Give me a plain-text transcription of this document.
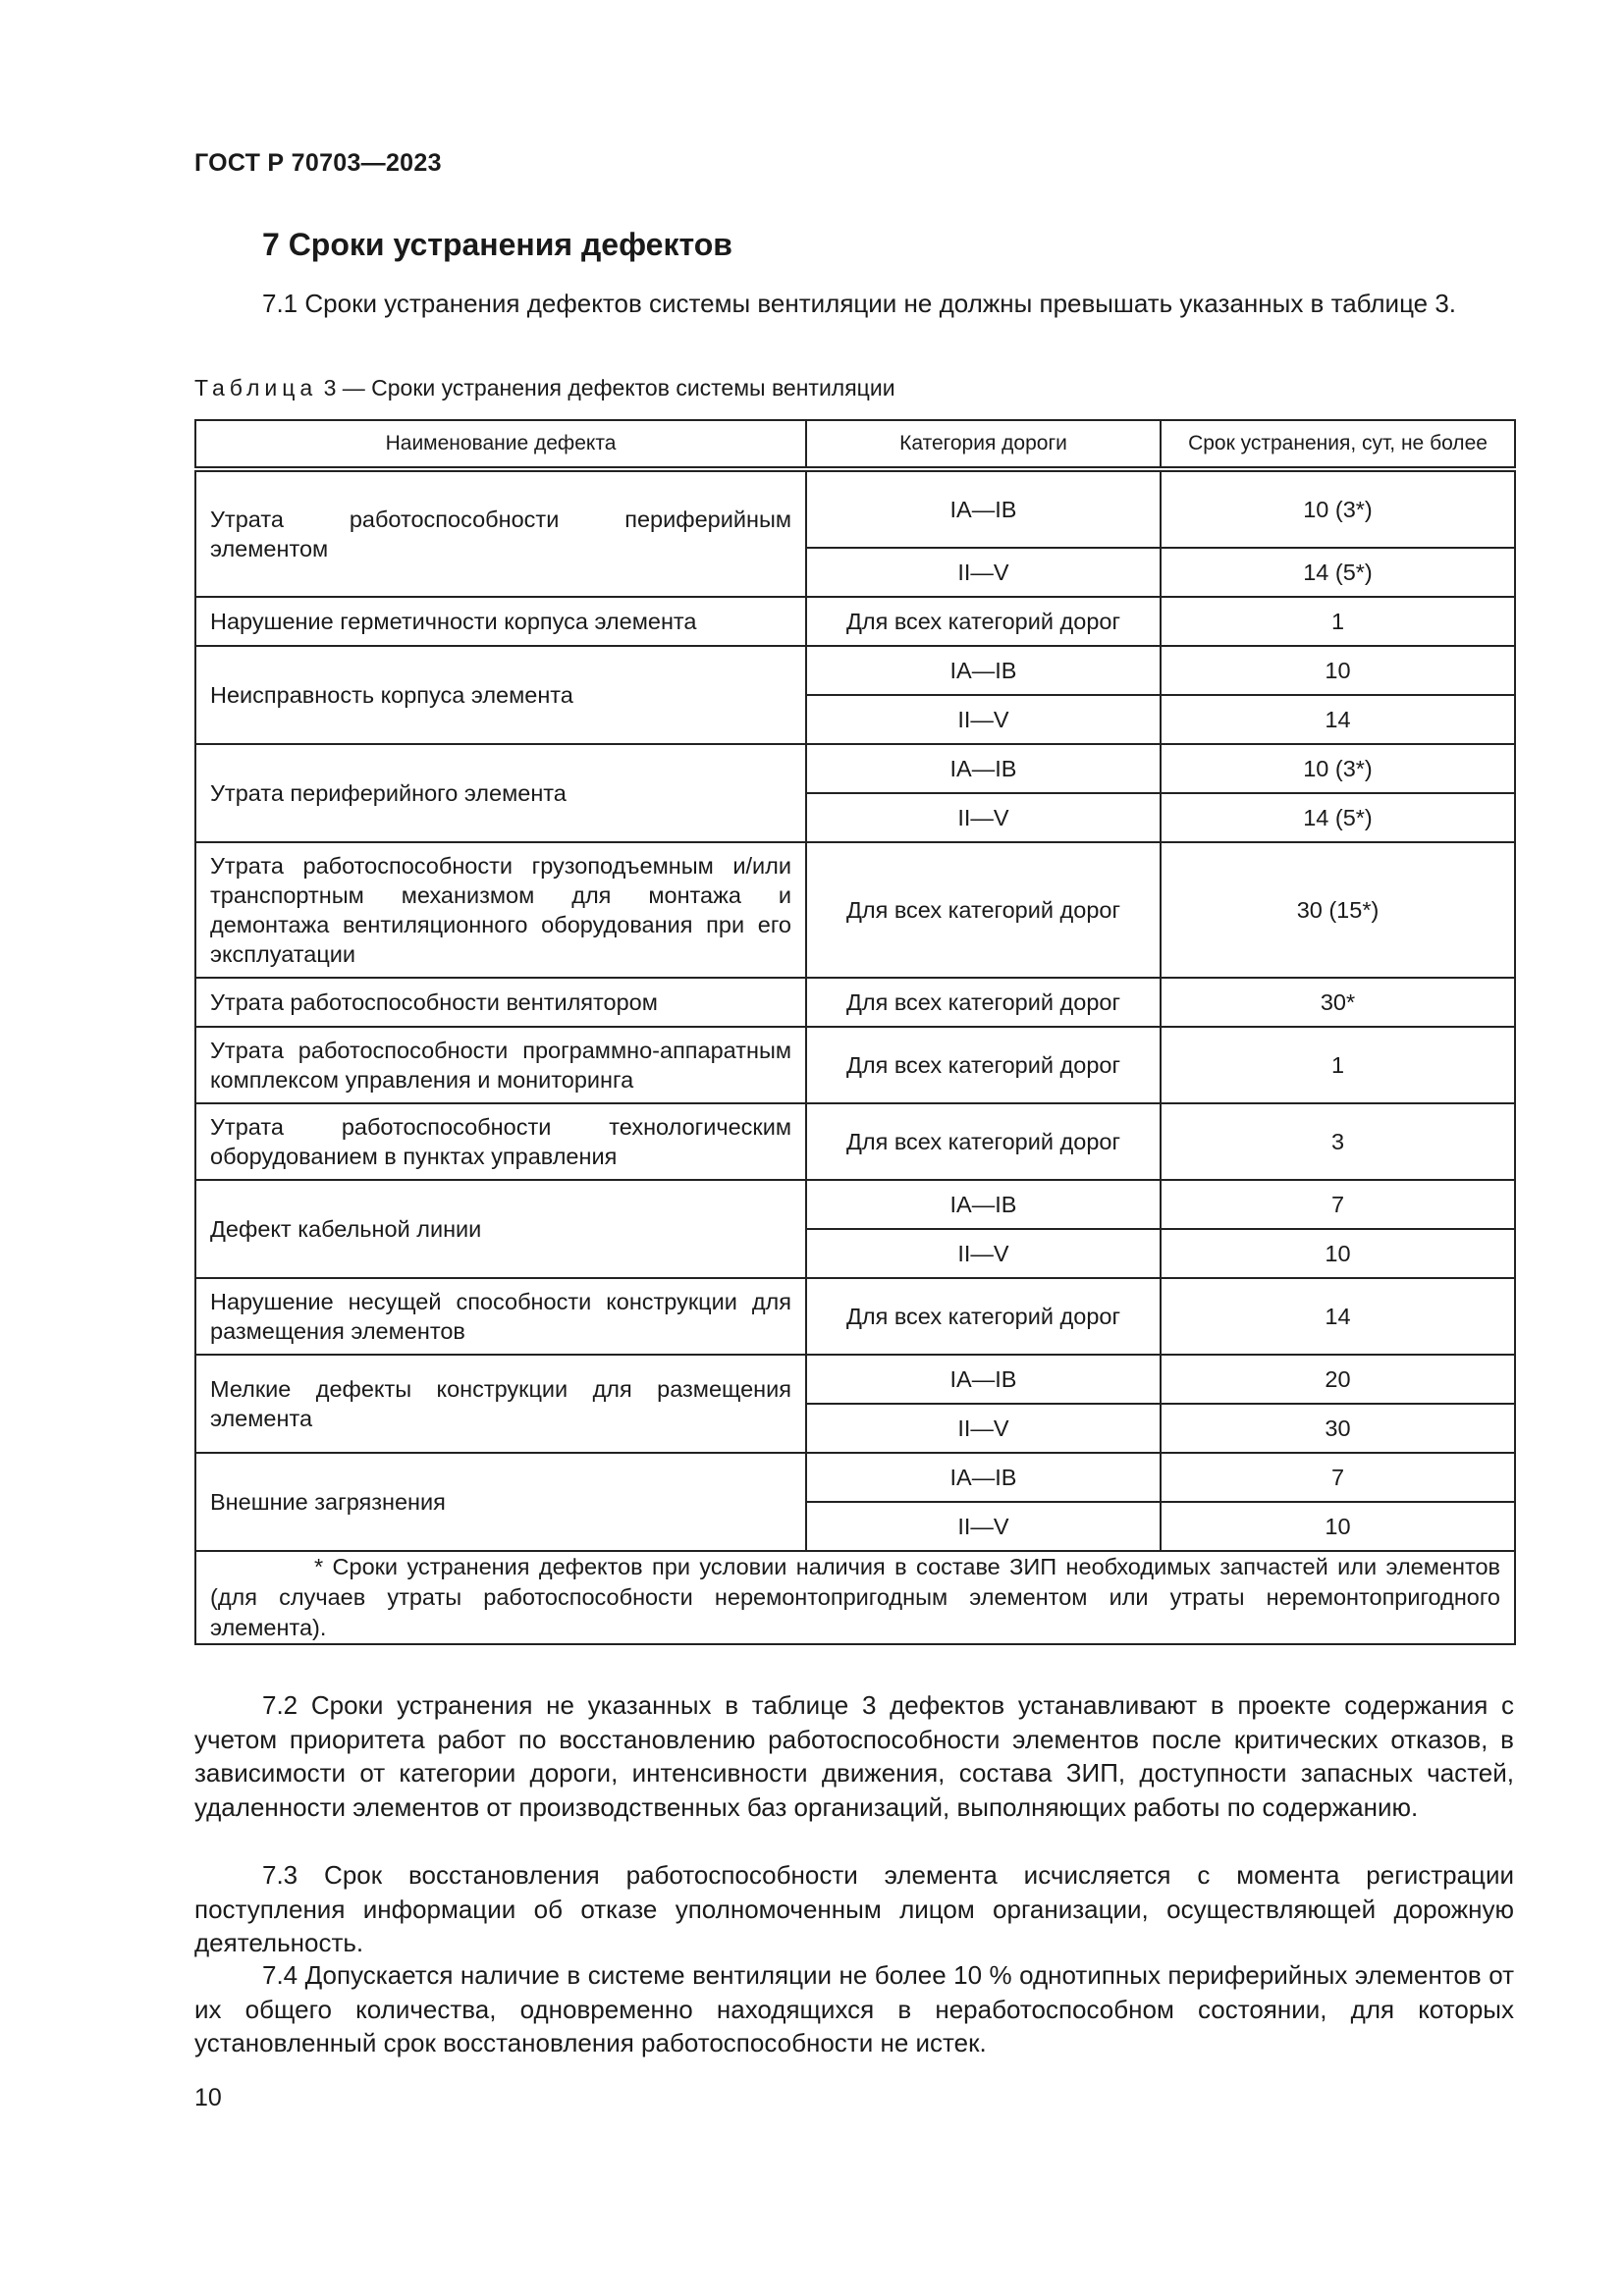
ГОСТ Р 70703—2023
7 Сроки устранения дефектов

7.1 Сроки устранения дефектов системы вентиляции не должны превышать указанных в таблице 3.

Таблица 3 — Сроки устранения дефектов системы вентиляции
Наименование дефекта	Категория дороги	Срок устранения, сут, не более
Утрата работоспособности периферийным элементом	IA—IB	10 (3*)
	II—V	14 (5*)
Нарушение герметичности корпуса элемента	Для всех категорий дорог	1
Неисправность корпуса элемента	IA—IB	10
	II—V	14
Утрата периферийного элемента	IA—IB	10 (3*)
	II—V	14 (5*)
Утрата работоспособности грузоподъемным и/или транспортным механизмом для монтажа и демонтажа вентиляционного оборудования при его эксплуатации	Для всех категорий дорог	30 (15*)
Утрата работоспособности вентилятором	Для всех категорий дорог	30*
Утрата работоспособности программно-аппаратным комплексом управления и мониторинга	Для всех категорий дорог	1
Утрата работоспособности технологическим оборудованием в пунктах управления	Для всех категорий дорог	3
Дефект кабельной линии	IA—IB	7
	II—V	10
Нарушение несущей способности конструкции для размещения элементов	Для всех категорий дорог	14
Мелкие дефекты конструкции для размещения элемента	IA—IB	20
	II—V	30
Внешние загрязнения	IA—IB	7
	II—V	10
* Сроки устранения дефектов при условии наличия в составе ЗИП необходимых запчастей или элементов (для случаев утраты работоспособности неремонтопригодным элементом или утраты неремонтопригодного элемента).		

7.2 Сроки устранения не указанных в таблице 3 дефектов устанавливают в проекте содержания с учетом приоритета работ по восстановлению работоспособности элементов после критических отказов, в зависимости от категории дороги, интенсивности движения, состава ЗИП, доступности запасных частей, удаленности элементов от производственных баз организаций, выполняющих работы по содержанию.

7.3 Срок восстановления работоспособности элемента исчисляется с момента регистрации поступления информации об отказе уполномоченным лицом организации, осуществляющей дорожную деятельность.

7.4 Допускается наличие в системе вентиляции не более 10 % однотипных периферийных элементов от их общего количества, одновременно находящихся в неработоспособном состоянии, для которых установленный срок восстановления работоспособности не истек.

10
